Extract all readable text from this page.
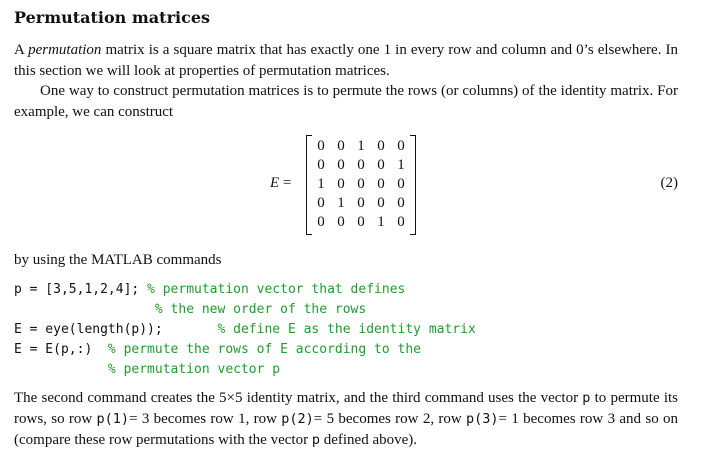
Permutation matrices

A permutation matrix is a square matrix that has exactly one 1 in every row and column and 0’s elsewhere. In this section we will look at properties of permutation matrices.

One way to construct permutation matrices is to permute the rows (or columns) of the identity matrix. For example, we can construct

E =
0 0 1 0 0
0 0 0 0 1
1 0 0 0 0
0 1 0 0 0
0 0 0 1 0
(2)

by using the MATLAB commands

p = [3,5,1,2,4]; % permutation vector that defines
% the new order of the rows
E = eye(length(p));       % define E as the identity matrix
E = E(p,:)  % permute the rows of E according to the
% permutation vector p

The second command creates the 5×5 identity matrix, and the third command uses the vector p to permute its rows, so row p(1)= 3 becomes row 1, row p(2)= 5 becomes row 2, row p(3)= 1 becomes row 3 and so on (compare these row permutations with the vector p defined above).
